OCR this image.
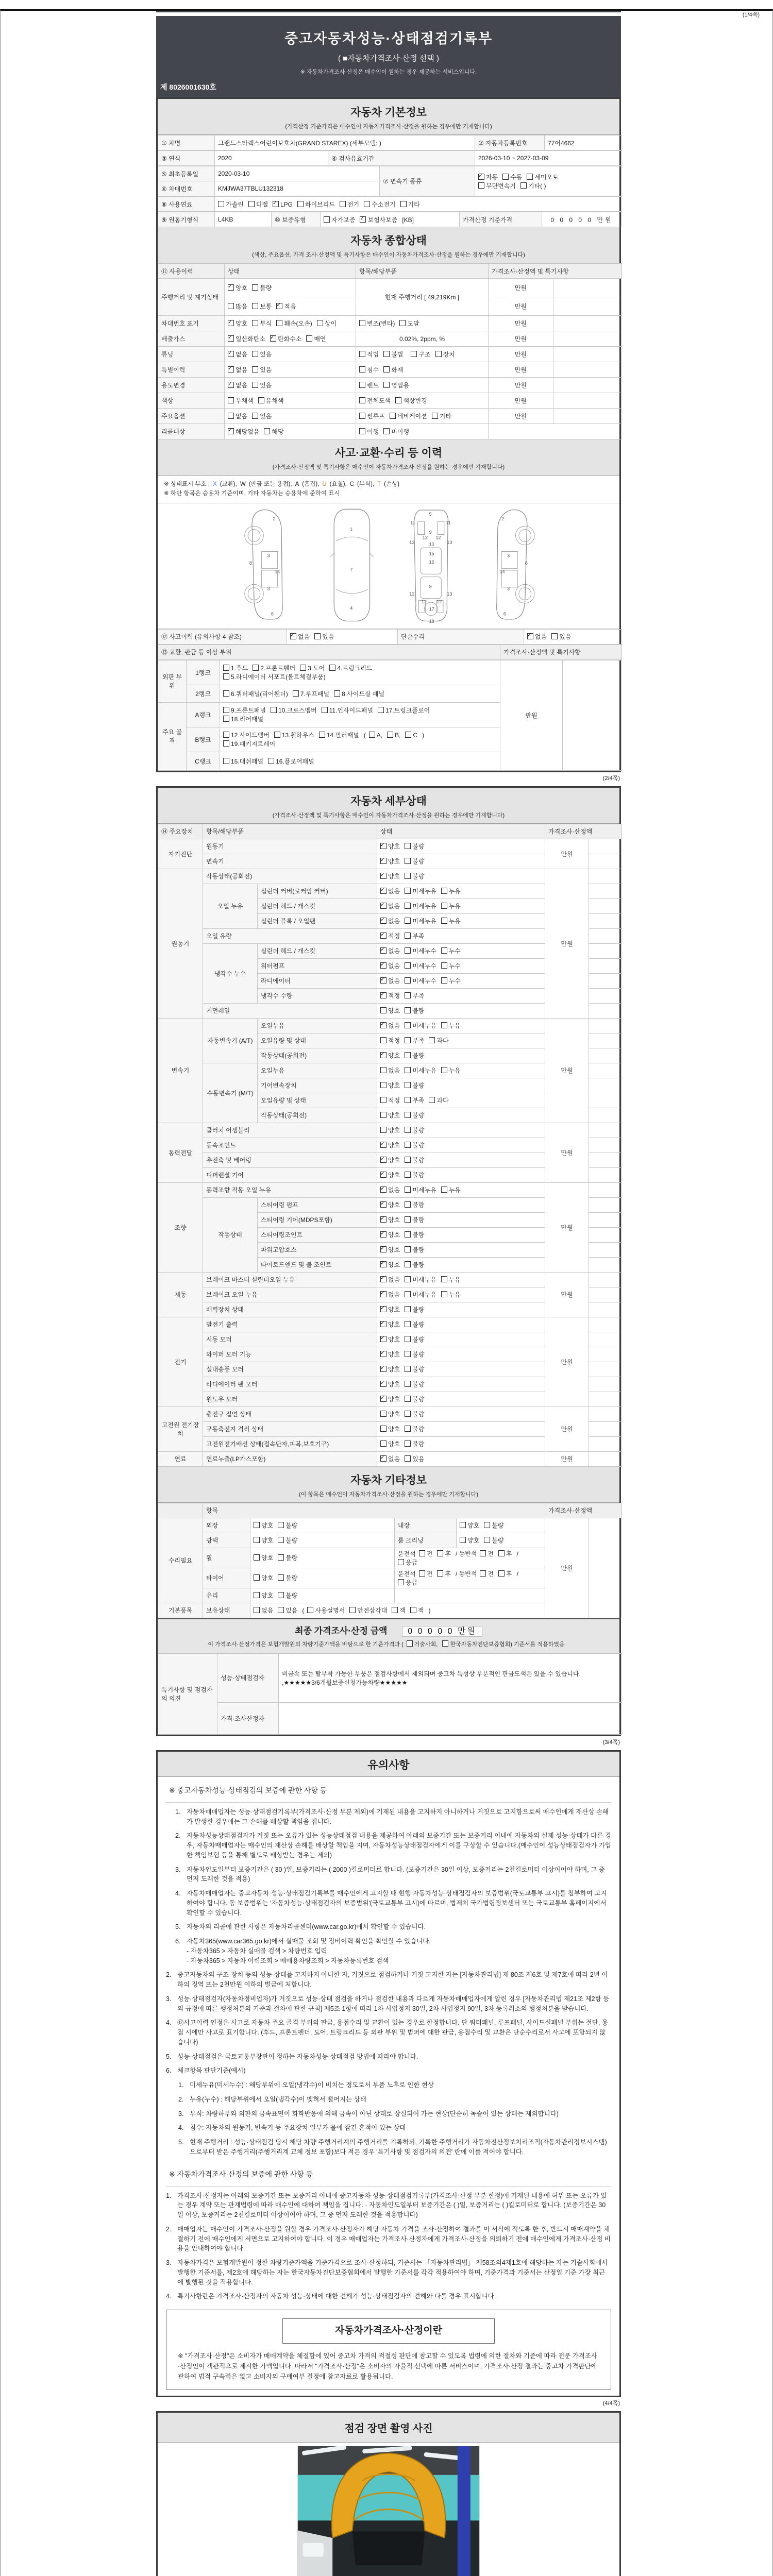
(1/4쪽)
중고자동차성능·상태점검기록부
( ■자동차가격조사·산정 선택 )
※ 자동차가격조사·산정은 매수인이 원하는 경우 제공하는 서비스입니다.
제 8026001630호
자동차 기본정보
(가격산정 기준가격은 매수인이 자동차가격조사·산정을 원하는 경우에만 기재합니다)
① 차명	그랜드스타렉스어린이보호차(GRAND STAREX) (세부모델: )	② 자동차등록번호	77어4662
③ 연식	2020	④ 검사유효기간	2026-03-10 ~ 2027-03-09
⑤ 최초등록일	2020-03-10	⑦ 변속기 종류	✓자동 수동 세미오토
무단변속기 기타( )
⑥ 차대번호	KMJWA37TBLU132318		
⑧ 사용연료	가솔린 디젤 ✓ LPG 하이브리드 전기 수소전기 기타
⑨ 원동기형식	L4KB	⑩ 보증유형	자가보증 ✓ 보험사보증 [KB]	가격산정 기준가격	0 0 0 0 0 만원
자동차 종합상태
(색상, 주요옵션, 가격 조사·산정액 및 특기사항은 매수인이 자동차가격조사·산정을 원하는 경우에만 기재합니다)
⑪ 사용이력	상태	항목/해당부품	가격조사·산정액 및 특기사항	
주행거리 및 계기상태	✓양호 불량	현재 주행거리 [ 49,219Km ]	만원	
	많음 보통 ✓ 적음		만원	
차대번호 표기	✓양호 부식 훼손(오손) 상이	변조(변타) 도말	만원	
배출가스	✓일산화탄소 ✓ 탄화수소 매연	0.02%, 2ppm, %	만원	
튜닝	✓없음 있음	적법 불법 구조 장치	만원	
특별이력	✓없음 있음	침수 화재	만원	
용도변경	✓없음 있음	렌트 영업용	만원	
색상	무채색 유채색	전체도색 색상변경	만원	
주요옵션	없음 있음	썬루프 네비게이션 기타	만원	
리콜대상	✓해당없음 해당	이행 미이행		
사고·교환·수리 등 이력
(가격조사·산정액 및 특기사항은 매수인이 자동차가격조사·산정을 원하는 경우에만 기재합니다)
※ 상태표시 부호 :X(교환),W(판금 또는 용접),A(흠집),U(요철),C(부식),T(손상)
※ 하단 항목은 승용차 기준이며, 기타 자동차는 승용차에 준하여 표시
2
8
3
14
3
6
1
7
4
5
9
11	11
13	13
12 12
10
15
16
9
13	13
12 12
17
18
2
8
3
14
3
6
⑫ 사고이력 (유의사항 4 참조)	✓없음 있음	단순수리	✓없음 있음
⑬ 교환, 판금 등 이상 부위	가격조사·산정액 및 특기사항
외판 부위	1랭크	1.후드 2.프론트휀더 3.도어 4.트렁크리드
5.라디에이터 서포트(볼트체결부품)	만원	
	2랭크	6.쿼터패널(리어휀더) 7.루프패널 8.사이드실 패널		
주요 골격	A랭크	9.프론트패널 10.크로스멤버 11.인사이드패널 17.트렁크플로어
18.리어패널		
	B랭크	12.사이드멤버 13.휠하우스 14.필러패널 ( A, B, C )
19.패키지트레이		
	C랭크	15.대쉬패널 16.플로어패널		
(2/4쪽)
자동차 세부상태
(가격조사·산정액 및 특기사항은 매수인이 자동차가격조사·산정을 원하는 경우에만 기재합니다)
⑭ 주요장치	항목/해당부품		상태	가격조사·산정액	
자기진단	원동기	✓양호 불량	만원	
	변속기	✓양호 불량	
원동기	작동상태(공회전)	✓양호 불량	만원	
	오일 누유	실린더 커버(로커암 커버)	✓없음 미세누유 누유	
		실린더 헤드 / 개스킷	✓없음 미세누유 누유	
		실린더 블록 / 오일팬	✓없음 미세누유 누유	
	오일 유량	✓적정 부족	
	냉각수 누수	실린더 헤드 / 개스킷	✓없음 미세누수 누수	
		워터펌프	✓없음 미세누수 누수	
		라디에이터	✓없음 미세누수 누수	
		냉각수 수량	✓적정 부족	
	커먼레일		양호 불량		
변속기	자동변속기 (A/T)	오일누유	✓없음 미세누유 누유	만원	
		오일유량 및 상태	적정 부족 과다		
		작동상태(공회전)	✓양호 불량	
	수동변속기 (M/T)	오일누유	없음 미세누유 누유		
		기어변속장치	양호 불량		
		오일유량 및 상태	적정 부족 과다		
		작동상태(공회전)	양호 불량		
동력전달	클러치 어셈블리		양호 불량	만원	
	등속조인트	✓양호 불량	
	추진축 및 베어링	✓양호 불량	
	디퍼렌셜 기어	✓양호 불량	
조향	동력조향 작동 오일 누유	✓없음 미세누유 누유	만원	
	작동상태	스티어링 펌프	✓양호 불량	
		스티어링 기어(MDPS포함)	✓양호 불량	
		스티어링조인트	✓양호 불량	
		파워고압호스	✓양호 불량	
		타이로드엔드 및 볼 조인트	✓양호 불량	
제동	브레이크 마스터 실린더오일 누유	✓없음 미세누유 누유	만원	
	브레이크 오일 누유	✓없음 미세누유 누유	
	배력장치 상태	✓양호 불량	
전기	발전기 출력	✓양호 불량	만원	
	시동 모터	✓양호 불량	
	와이퍼 모터 기능	✓양호 불량	
	실내송풍 모터	✓양호 불량	
	라디에이터 팬 모터	✓양호 불량	
	윈도우 모터	✓양호 불량	
고전원 전기장치	충전구 절연 상태		양호 불량	만원	
	구동축전지 격리 상태		양호 불량		
	고전원전기배선 상태(접속단자,피복,보호기구)		양호 불량		
연료	연료누출(LP가스포함)	✓없음 있음	만원	
자동차 기타정보
(이 항목은 매수인이 자동차가격조사·산정을 원하는 경우에만 기재합니다)
	항목				가격조사·산정액	
수리필요	외장	양호 불량	내장	양호 불량	만원	
	광택	양호 불량	룸 크리닝	양호 불량		
	휠	양호 불량	운전석 전 후 / 동반석 전 후 /응급			
	타이어	양호 불량	운전석 전 후 / 동반석 전 후 /응급			
	유리	양호 불량				
기본품목	보유상태	없음 있음 ( 사용설명서 안전삼각대 잭 잭 )				
최종 가격조사·산정 금액 0 0 0 0 0 만원
이 가격조사·산정가격은 보험개발원의 차량기준가액을 바탕으로 한 기준가격과 ( 기술사회, 한국자동차진단보증협회) 기준서를 적용하였음
특기사항 및 점검자의 의견	성능·상태점검자	비금속 또는 탈부착 가능한 부품은 점검사항에서 제외되며 중고차 특성상 부분적인 판금도색은 있을 수 있습니다. ,★★★★★3/6개월보증신청가능차량★★★★★
	가격·조사산정자	
(3/4쪽)
유의사항
※ 중고자동차성능·상태점검의 보증에 관한 사항 등
1. 자동차매매업자는 성능·상태점검기록부(가격조사·산정 부분 제외)에 기재된 내용을 고지하지 아니하거나 거짓으로 고지함으로써 매수인에게 재산상 손해가 발생한 경우에는 그 손해를 배상할 책임을 집니다.
2. 자동차성능상태점검자가 거짓 또는 오류가 있는 성능상태점검 내용을 제공하여 아래의 보증기간 또는 보증거리 이내에 자동차의 실제 성능·상태가 다른 경우, 자동차매매업자는 매수인의 재산상 손해를 배상할 책임을 지며, 자동차성능상태점검자에게 이를 구상할 수 있습니다.(매수인이 성능상태점검자가 가입한 책임보험 등을 통해 별도로 배상받는 경우는 제외)
3. 자동차인도일부터 보증기간은 ( 30 )일, 보증거리는 ( 2000 )킬로미터로 합니다. (보증기간은 30일 이상, 보증거리는 2천킬로미터 이상이어야 하며, 그 중 먼저 도래한 것을 적용)
4. 자동차매매업자는 중고자동차 성능·상태점검기록부를 매수인에게 고지할 때 현행 자동차성능·상태점검자의 보증범위(국토교통부 고시)를 첨부하여 고지하여야 합니다. 동 보증범위는 '자동차성능·상태점검자의 보증범위'(국토교통부 고시)에 따르며, 법제처 국가법령정보센터 또는 국토교통부 홈페이지에서 확인할 수 있습니다.
5. 자동차의 리콜에 관한 사항은 자동차리콜센터(www.car.go.kr)에서 확인할 수 있습니다.
6. 자동차365(www.car365.go.kr)에서 실매물 조회 및 정비이력 확인을 확인할 수 있습니다.
- 자동차365 > 자동차 실매물 검색 > 차량번호 입력
- 자동차365 > 자동차 이력조회 > 매매용차량조회 > 자동차등록번호 검색
2. 중고자동차의 구조·장치 등의 성능·상태를 고지하지 아니한 자, 거짓으로 점검하거나 거짓 고지한 자는 [자동차관리법] 제 80조 제6호 및 제7호에 따라 2년 이하의 징역 또는 2천만원 이하의 벌금에 처합니다.
3. 성능·상태점검자(자동차정비업자)가 거짓으로 성능·상태 점검을 하거나 점검한 내용과 다르게 자동차매매업자에게 알린 경우 [자동차관리법 제21조 제2항 등의 규정에 따른 행정처분의 기준과 절차에 관한 규칙] 제5조 1항에 따라 1차 사업정지 30일, 2차 사업정지 90일, 3차 등록취소의 행정처분을 받습니다.
4. ⑫사고이력 인정은 사고로 자동차 주요 골격 부위의 판금, 용접수리 및 교환이 있는 경우로 한정합니다. 단 쿼터패널, 루프패널, 사이드실패널 부위는 절단, 용접 시에만 사고로 표기합니다. (후드, 프론트펜더, 도어, 트렁크리드 등 외판 부위 및 범퍼에 대한 판금, 용접수리 및 교환은 단순수리로서 사고에 포함되지 않습니다)
5. 성능·상태점검은 국토교통부장관이 정하는 자동차성능·상태점검 방법에 따라야 합니다.
6. 체크항목 판단기준(예시)
1. 미세누유(미세누수) : 해당부위에 오일(냉각수)이 비치는 정도로서 부품 노후로 인한 현상
2. 누유(누수) : 해당부위에서 오일(냉각수)이 맺혀서 떨어지는 상태
3. 부식: 차량하부와 외판의 금속표면이 화학반응에 의해 금속이 아닌 상태로 상실되어 가는 현상(단순히 녹슬어 있는 상태는 제외합니다)
4. 침수: 자동차의 원동기, 변속기 등 주요장치 일부가 물에 잠긴 흔적이 있는 상태
5. 현재 주행거리 : 성능·상태점검 당시 해당 차량 주행거리계의 주행거리를 기록하되, 기록한 주행거리가 자동차전산정보처리조직(자동차관리정보시스템)으로부터 받은 주행거리(주행거리계 교체 정보 포함)보다 적은 경우 '특기사항 및 점검자의 의견' 란에 이를 적어야 합니다.
※ 자동차가격조사·산정의 보증에 관한 사항 등
1. 가격조사·산정자는 아래의 보증기간 또는 보증거리 이내에 중고자동차 성능·상태점검기록부(가격조사·산정 부분 한정)에 기재된 내용에 허위 또는 오류가 있는 경우 계약 또는 관계법령에 따라 매수인에 대하여 책임을 집니다. · 자동차인도일부터 보증기간은 ( )일, 보증거리는 ( )킬로미터로 합니다. (보증기간은 30일 이상, 보증거리는 2천킬로미터 이상이어야 하며, 그 중 먼저 도래한 것을 적용합니다)
2. 매매업자는 매수인이 가격조사·산정을 원할 경우 가격조사·산정자가 해당 자동차 가격을 조사·산정하여 결과를 이 서식에 적도록 한 후, 반드시 매매계약을 체결하기 전에 매수인에게 서면으로 고지하여야 합니다. 이 경우 매매업자는 가격조사·산정자에게 가격조사·산정을 의뢰하기 전에 매수인에게 가격조사·산정 비용을 안내하여야 합니다.
3. 자동차가격은 보험개발원이 정한 차량기준가액을 기준가격으로 조사·산정하되, 기준서는 「자동차관리법」 제58조의4제1호에 해당하는 자는 기술사회에서 발행한 기준서를, 제2호에 해당하는 자는 한국자동차진단보증협회에서 발행한 기준서를 각각 적용하여야 하며, 기준가격과 기준서는 산정일 기준 가장 최근에 발행된 것을 적용합니다.
4. 특기사항란은 가격조사·산정자의 자동차 성능·상태에 대한 견해가 성능·상태점검자의 견해와 다를 경우 표시합니다.
자동차가격조사·산정이란
※ "가격조사·산정"은 소비자가 매매계약을 체결함에 있어 중고차 가격의 적절성 판단에 참고할 수 있도록 법령에 의한 절차와 기준에 따라 전문 가격조사·산정인이 객관적으로 제시한 가액입니다. 따라서 "가격조사·산정"은 소비자의 자율적 선택에 따른 서비스이며, 가격조사·산정 결과는 중고차 가격판단에 관하여 법적 구속력은 없고 소비자의 구매여부 결정에 참고자료로 활용됩니다.
(4/4쪽)
점검 장면 촬영 사진
